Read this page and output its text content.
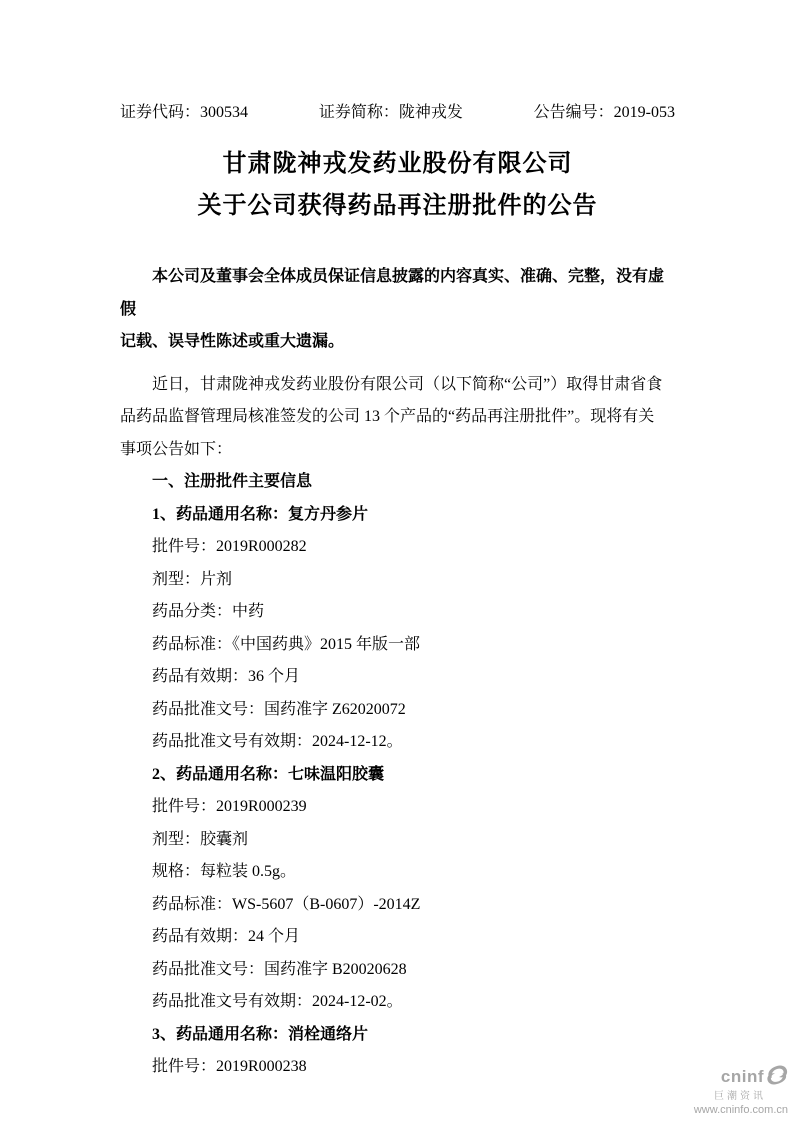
证券代码：300534	证券简称：陇神戎发	公告编号：2019-053

甘肃陇神戎发药业股份有限公司

关于公司获得药品再注册批件的公告

本公司及董事会全体成员保证信息披露的内容真实、准确、完整，没有虚假

记载、误导性陈述或重大遗漏。

近日，甘肃陇神戎发药业股份有限公司（以下简称“公司”）取得甘肃省食

品药品监督管理局核准签发的公司 13 个产品的“药品再注册批件”。现将有关

事项公告如下：

一、注册批件主要信息

1、药品通用名称：复方丹参片

批件号：2019R000282

剂型：片剂

药品分类：中药

药品标准：《中国药典》2015 年版一部

药品有效期：36 个月

药品批准文号：国药准字 Z62020072

药品批准文号有效期：2024-12-12。

2、药品通用名称：七味温阳胶囊

批件号：2019R000239

剂型：胶囊剂

规格：每粒装 0.5g。

药品标准：WS-5607（B-0607）-2014Z

药品有效期：24 个月

药品批准文号：国药准字 B20020628

药品批准文号有效期：2024-12-02。

3、药品通用名称：消栓通络片

批件号：2019R000238

cninf
巨潮资讯
www.cninfo.com.cn
